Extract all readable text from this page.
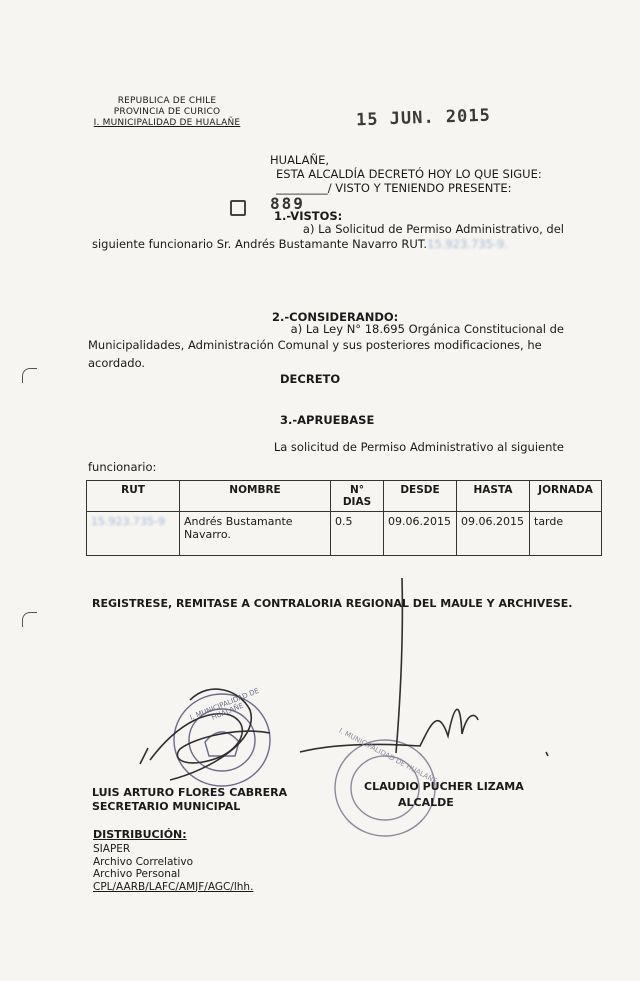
REPUBLICA DE CHILE
PROVINCIA DE CURICO
I. MUNICIPALIDAD DE HUALAÑE	15 JUN. 2015
HUALAÑE,
ESTA ALCALDÍA DECRETÓ HOY LO QUE SIGUE:
_________/ VISTO Y TENIENDO PRESENTE:
889
1.-VISTOS:
a) La Solicitud de Permiso Administrativo, del
siguiente funcionario Sr. Andrés Bustamante Navarro RUT.15.923.735-9.
2.-CONSIDERANDO:
a) La Ley N° 18.695 Orgánica Constitucional de
Municipalidades, Administración Comunal y sus posteriores modificaciones, he
acordado.
DECRETO
3.-APRUEBASE
La solicitud de Permiso Administrativo al siguiente
funcionario:
RUT	NOMBRE	N° DIAS	DESDE	HASTA	JORNADA
15.923.735-9	Andrés Bustamante Navarro.	0.5	09.06.2015	09.06.2015	tarde
REGISTRESE, REMITASE A CONTRALORIA REGIONAL DEL MAULE Y ARCHIVESE.
I. MUNICIPALIDAD DE HUALAÑE
I. MUNICIPALIDAD DE HUALAÑE
LUIS ARTURO FLORES CABRERA
SECRETARIO MUNICIPAL
CLAUDIO PUCHER LIZAMA
ALCALDE
DISTRIBUCIÓN:
SIAPER
Archivo Correlativo
Archivo Personal
CPL/AARB/LAFC/AMJF/AGC/lhh.
